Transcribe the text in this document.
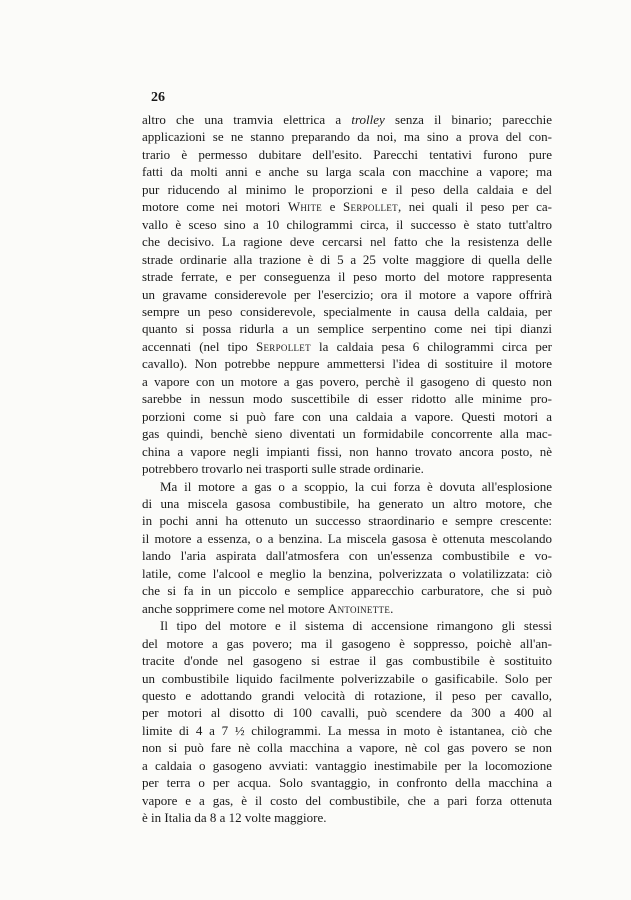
26
altro che una tramvia elettrica a trolley senza il binario; parecchie
applicazioni se ne stanno preparando da noi, ma sino a prova del con-
trario è permesso dubitare dell'esito. Parecchi tentativi furono pure
fatti da molti anni e anche su larga scala con macchine a vapore; ma
pur riducendo al minimo le proporzioni e il peso della caldaia e del
motore come nei motori White e Serpollet, nei quali il peso per ca-
vallo è sceso sino a 10 chilogrammi circa, il successo è stato tutt'altro
che decisivo. La ragione deve cercarsi nel fatto che la resistenza delle
strade ordinarie alla trazione è di 5 a 25 volte maggiore di quella delle
strade ferrate, e per conseguenza il peso morto del motore rappresenta
un gravame considerevole per l'esercizio; ora il motore a vapore offrirà
sempre un peso considerevole, specialmente in causa della caldaia, per
quanto si possa ridurla a un semplice serpentino come nei tipi dianzi
accennati (nel tipo Serpollet la caldaia pesa 6 chilogrammi circa per
cavallo). Non potrebbe neppure ammettersi l'idea di sostituire il motore
a vapore con un motore a gas povero, perchè il gasogeno di questo non
sarebbe in nessun modo suscettibile di esser ridotto alle minime pro-
porzioni come si può fare con una caldaia a vapore. Questi motori a
gas quindi, benchè sieno diventati un formidabile concorrente alla mac-
china a vapore negli impianti fissi, non hanno trovato ancora posto, nè
potrebbero trovarlo nei trasporti sulle strade ordinarie.
Ma il motore a gas o a scoppio, la cui forza è dovuta all'esplosione
di una miscela gasosa combustibile, ha generato un altro motore, che
in pochi anni ha ottenuto un successo straordinario e sempre crescente:
il motore a essenza, o a benzina. La miscela gasosa è ottenuta mescolando
lando l'aria aspirata dall'atmosfera con un'essenza combustibile e vo-
latile, come l'alcool e meglio la benzina, polverizzata o volatilizzata: ciò
che si fa in un piccolo e semplice apparecchio carburatore, che si può
anche sopprimere come nel motore Antoinette.
Il tipo del motore e il sistema di accensione rimangono gli stessi
del motore a gas povero; ma il gasogeno è soppresso, poichè all'an-
tracite d'onde nel gasogeno si estrae il gas combustibile è sostituito
un combustibile liquido facilmente polverizzabile o gasificabile. Solo per
questo e adottando grandi velocità di rotazione, il peso per cavallo,
per motori al disotto di 100 cavalli, può scendere da 300 a 400 al
limite di 4 a 7 ½ chilogrammi. La messa in moto è istantanea, ciò che
non si può fare nè colla macchina a vapore, nè col gas povero se non
a caldaia o gasogeno avviati: vantaggio inestimabile per la locomozione
per terra o per acqua. Solo svantaggio, in confronto della macchina a
vapore e a gas, è il costo del combustibile, che a pari forza ottenuta
è in Italia da 8 a 12 volte maggiore.
